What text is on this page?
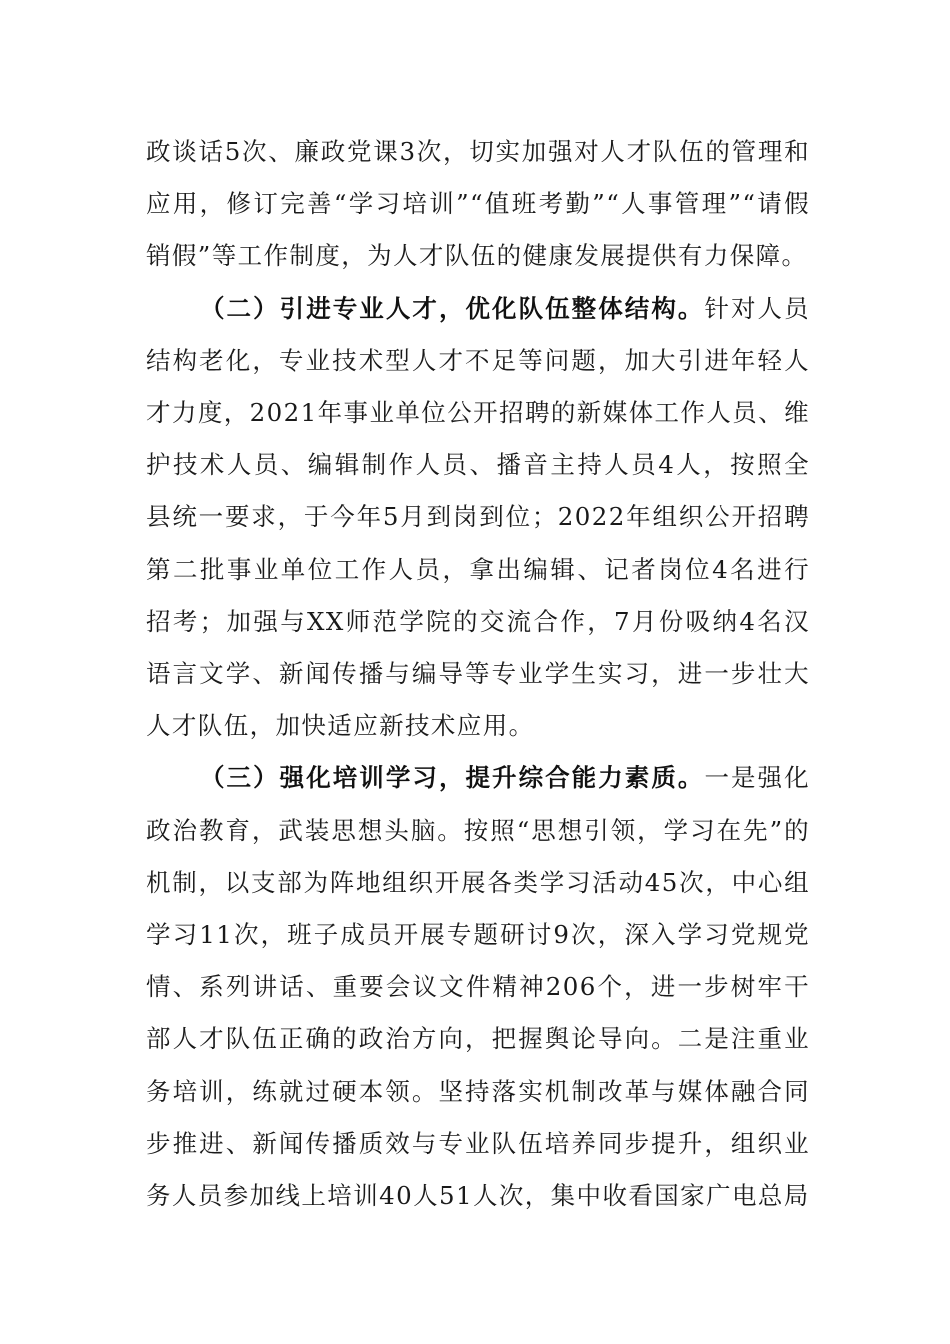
政谈话5次、廉政党课3次，切实加强对人才队伍的管理和应用，修订完善“学习培训”“值班考勤”“人事管理”“请假销假”等工作制度，为人才队伍的健康发展提供有力保障。

（二）引进专业人才，优化队伍整体结构。针对人员结构老化，专业技术型人才不足等问题，加大引进年轻人才力度，2021年事业单位公开招聘的新媒体工作人员、维护技术人员、编辑制作人员、播音主持人员4人，按照全县统一要求，于今年5月到岗到位；2022年组织公开招聘第二批事业单位工作人员，拿出编辑、记者岗位4名进行招考；加强与XX师范学院的交流合作，7月份吸纳4名汉语言文学、新闻传播与编导等专业学生实习，进一步壮大人才队伍，加快适应新技术应用。

（三）强化培训学习，提升综合能力素质。一是强化政治教育，武装思想头脑。按照“思想引领，学习在先”的机制，以支部为阵地组织开展各类学习活动45次，中心组学习11次，班子成员开展专题研讨9次，深入学习党规党情、系列讲话、重要会议文件精神206个，进一步树牢干部人才队伍正确的政治方向，把握舆论导向。二是注重业务培训，练就过硬本领。坚持落实机制改革与媒体融合同步推进、新闻传播质效与专业队伍培养同步提升，组织业务人员参加线上培训40人51人次，集中收看国家广电总局
